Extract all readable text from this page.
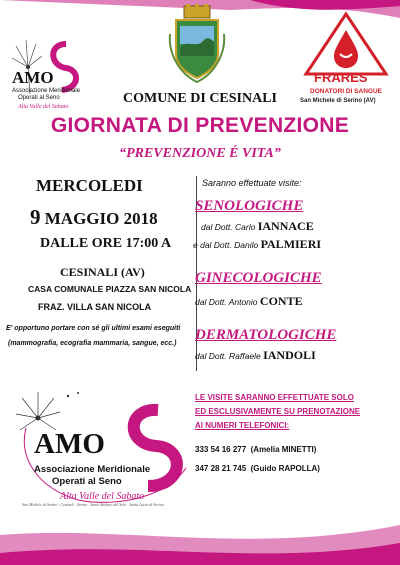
AMO
Associazione Meridionale
Operati al Seno
Alta Valle del Sabato
FRARES
DONATORI DI SANGUE
San Michele di Serino (AV)
COMUNE DI CESINALI
GIORNATA DI PREVENZIONE
“PREVENZIONE É VITA”
MERCOLEDI
9 MAGGIO 2018
DALLE ORE 17:00 A
CESINALI (AV)
CASA COMUNALE PIAZZA SAN NICOLA
FRAZ. VILLA SAN NICOLA
E' opportuno portare con sé gli ultimi esami eseguiti
(mammografia, ecografia mammaria, sangue, ecc.)
Saranno effettuate visite:
SENOLOGICHE
dal Dott. Carlo IANNACE
e dal Dott. Danilo PALMIERI
GINECOLOGICHE
dal Dott. Antonio CONTE
DERMATOLOGICHE
dal Dott. Raffaele IANDOLI
LE VISITE SARANNO EFFETTUATE SOLO
ED ESCLUSIVAMENTE SU PRENOTAZIONE
AI NUMERI TELEFONICI:
333 54 16 277 (Amelia MINETTI)
347 28 21 745 (Guido RAPOLLA)
AMO
Associazione Meridionale
Operati al Seno
Alta Valle del Sabato
San Michele di Serino · Cesinali · Serino · Santo Stefano del Sole · Santa Lucia di Serino
